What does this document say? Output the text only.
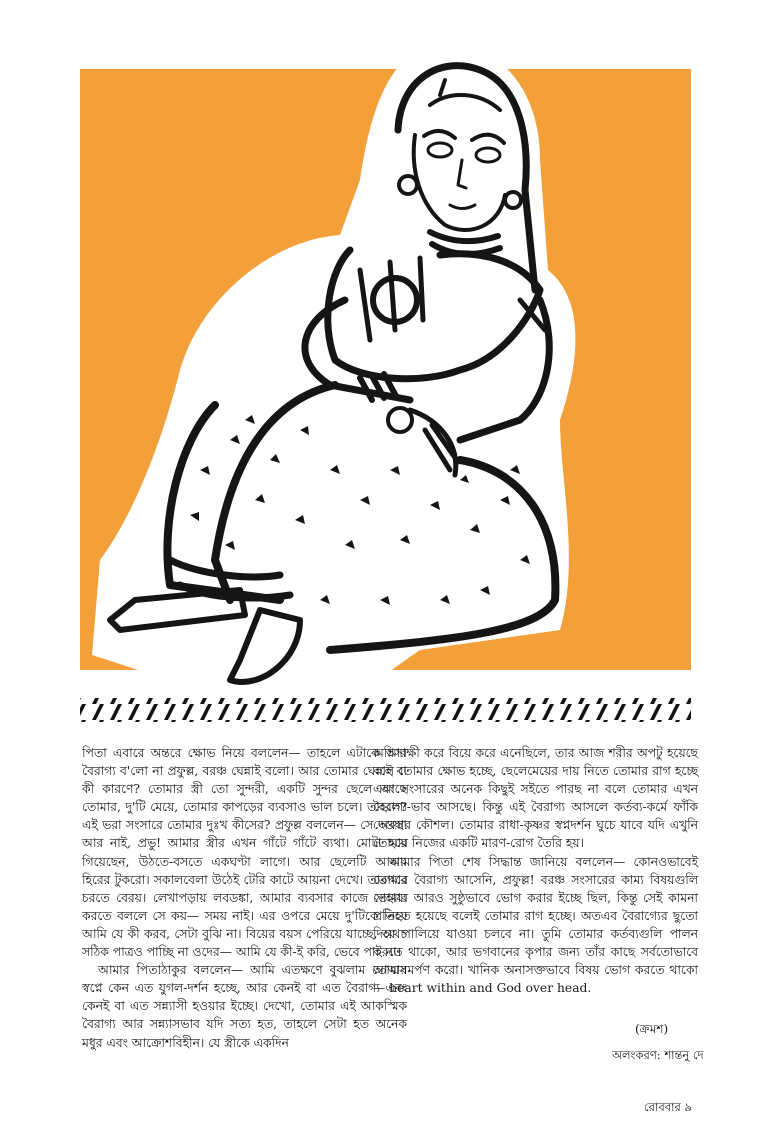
পিতা এবারে অন্তরে ক্ষোভ নিয়ে বললেন— তাহলে এটাকে আর বৈরাগ্য ব'লো না প্রফুল্ল, বরঞ্চ ঘেন্নাই বলো। আর তোমার ঘেন্নাই বা কী কারণে? তোমার স্ত্রী তো সুন্দরী, একটি সুন্দর ছেলে আছে তোমার, দু'টি মেয়ে, তোমার কাপড়ের ব্যবসাও ভাল চলে। তাহলে? এই ভরা সংসারে তোমার দুঃখ কীসের? প্রফুল্ল বললেন— সে অবস্থা আর নাই, প্রভু! আমার স্ত্রীর এখন গাঁটে গাঁটে ব্যথা। মোটা হয়ে গিয়েছেন, উঠতে-বসতে একঘণ্টা লাগে। আর ছেলেটি আমার হিরের টুকরো। সকালবেলা উঠেই টেরি কাটে আয়না দেখে। তারপরে চরতে বেরয়। লেখাপড়ায় লবডঙ্কা, আমার ব্যবসার কাজে সাহায্য করতে বললে সে কয়— সময় নাই। এর ওপরে মেয়ে দু'টিকে নিয়ে আমি যে কী করব, সেটা বুঝি না। বিয়ের বয়স পেরিয়ে যাচ্ছে, অথচ সঠিক পাত্রও পাচ্ছি না ওদের— আমি যে কী-ই করি, ভেবে পাই না।

আমার পিতাঠাকুর বললেন— আমি এতক্ষণে বুঝলাম তোমার স্বপ্নে কেন এত যুগল-দর্শন হচ্ছে, আর কেনই বা এত বৈরাগ্য এবং কেনই বা এত সন্ন্যাসী হওয়ার ইচ্ছে। দেখো, তোমার এই আকস্মিক বৈরাগ্য আর সন্ন্যাসভাব যদি সত্য হত, তাহলে সেটা হত অনেক মধুর এবং আক্রোশবিহীন। যে স্ত্রীকে একদিন

অগ্নিসাক্ষী করে বিয়ে করে এনেছিলে, তার আজ শরীর অপটু হয়েছে বলে তোমার ক্ষোভ হচ্ছে, ছেলেমেয়ের দায় নিতে তোমার রাগ হচ্ছে এবং সংসারের অনেক কিছুই সইতে পারছ না বলে তোমার এখন বৈরাগ্য-ভাব আসছে। কিন্তু এই বৈরাগ্য আসলে কর্তব্য-কর্মে ফাঁকি দেওয়ার কৌশল। তোমার রাধা-কৃষ্ণর স্বপ্নদর্শন ঘুচে যাবে যদি এখুনি তোমার নিজের একটি মারণ-রোগ তৈরি হয়।

আমার পিতা শেষ সিদ্ধান্ত জানিয়ে বললেন— কোনওভাবেই তোমার বৈরাগ্য আসেনি, প্রফুল্ল! বরঞ্চ সংসারের কাম্য বিষয়গুলি তোমার আরও সুষ্ঠুভাবে ভোগ করার ইচ্ছে ছিল, কিন্তু সেই কামনা প্রতিহত হয়েছে বলেই তোমার রাগ হচ্ছে। অতএব বৈরাগ্যের ছুতো দিয়ে পালিয়ে যাওয়া চলবে না। তুমি তোমার কর্তব্যগুলি পালন করতে থাকো, আর ভগবানের কৃপার জন্য তাঁর কাছে সর্বতোভাবে আত্মসমর্পণ করো। খানিক অনাসক্তভাবে বিষয় ভোগ করতে থাকো— heart within and God over head.

(ক্রমশ)
অলংকরণ: শান্তনু দে
রোববার ৯
